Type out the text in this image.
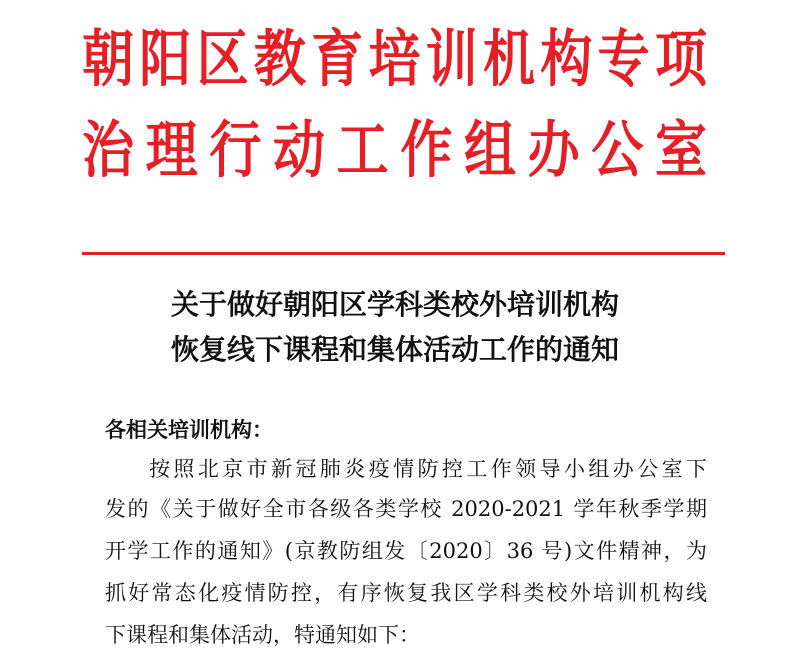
朝阳区教育培训机构专项
治理行动工作组办公室
关于做好朝阳区学科类校外培训机构
恢复线下课程和集体活动工作的通知
各相关培训机构：
按照北京市新冠肺炎疫情防控工作领导小组办公室下
发的《关于做好全市各级各类学校 2020-2021 学年秋季学期
开学工作的通知》(京教防组发〔2020〕36 号)文件精神，为
抓好常态化疫情防控，有序恢复我区学科类校外培训机构线
下课程和集体活动，特通知如下：
